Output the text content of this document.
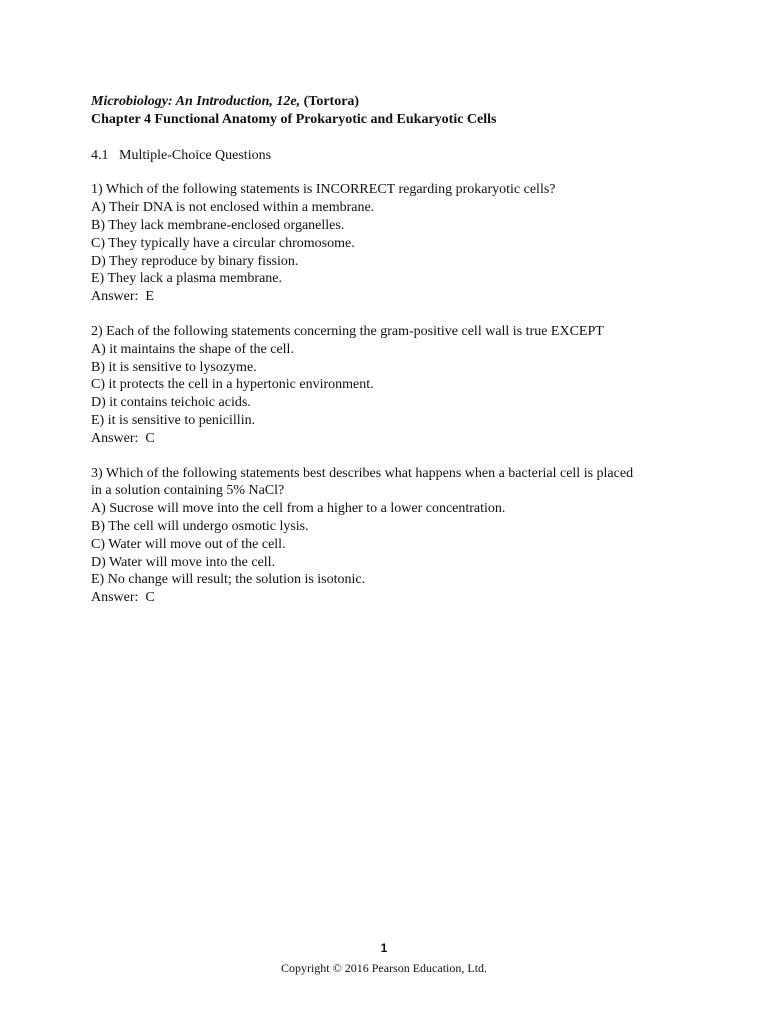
Microbiology: An Introduction, 12e, (Tortora)
Chapter 4 Functional Anatomy of Prokaryotic and Eukaryotic Cells
4.1   Multiple-Choice Questions
1) Which of the following statements is INCORRECT regarding prokaryotic cells?
A) Their DNA is not enclosed within a membrane.
B) They lack membrane-enclosed organelles.
C) They typically have a circular chromosome.
D) They reproduce by binary fission.
E) They lack a plasma membrane.
Answer:  E
2) Each of the following statements concerning the gram-positive cell wall is true EXCEPT
A) it maintains the shape of the cell.
B) it is sensitive to lysozyme.
C) it protects the cell in a hypertonic environment.
D) it contains teichoic acids.
E) it is sensitive to penicillin.
Answer:  C
3) Which of the following statements best describes what happens when a bacterial cell is placed
in a solution containing 5% NaCl?
A) Sucrose will move into the cell from a higher to a lower concentration.
B) The cell will undergo osmotic lysis.
C) Water will move out of the cell.
D) Water will move into the cell.
E) No change will result; the solution is isotonic.
Answer:  C
1
Copyright © 2016 Pearson Education, Ltd.
